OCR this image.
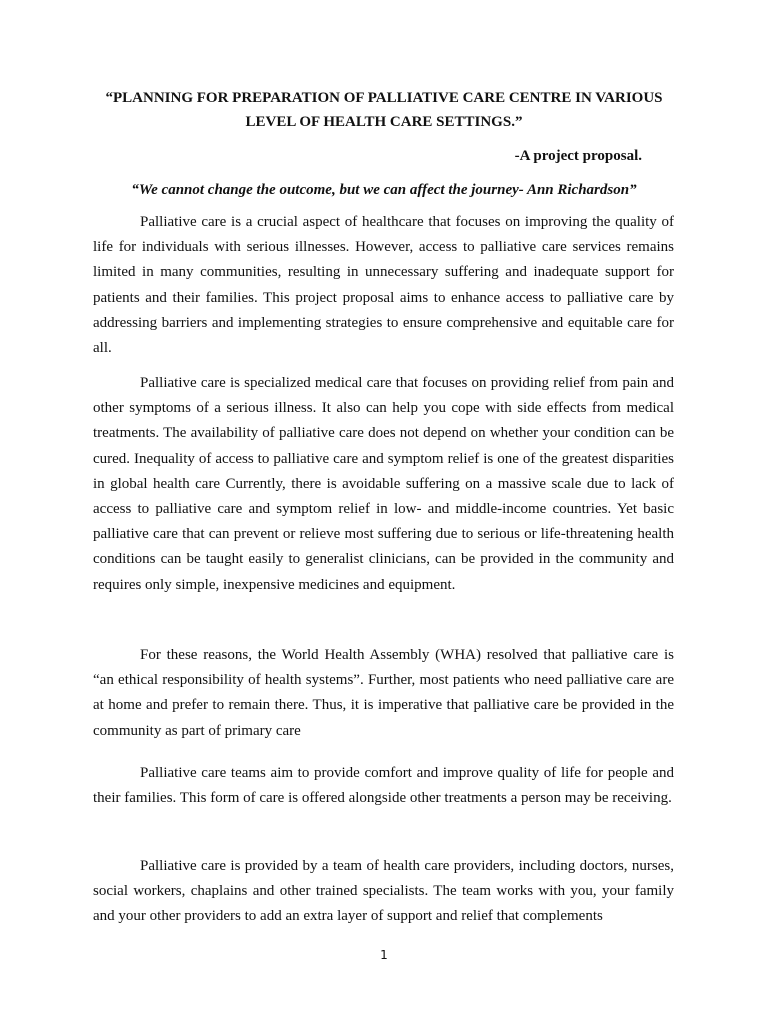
“PLANNING FOR PREPARATION OF PALLIATIVE CARE CENTRE IN VARIOUS LEVEL OF HEALTH CARE SETTINGS.”

-A project proposal.

“We cannot change the outcome, but we can affect the journey- Ann Richardson”

Palliative care is a crucial aspect of healthcare that focuses on improving the quality of life for individuals with serious illnesses. However, access to palliative care services remains limited in many communities, resulting in unnecessary suffering and inadequate support for patients and their families. This project proposal aims to enhance access to palliative care by addressing barriers and implementing strategies to ensure comprehensive and equitable care for all.

Palliative care is specialized medical care that focuses on providing relief from pain and other symptoms of a serious illness. It also can help you cope with side effects from medical treatments. The availability of palliative care does not depend on whether your condition can be cured. Inequality of access to palliative care and symptom relief is one of the greatest disparities in global health care Currently, there is avoidable suffering on a massive scale due to lack of access to palliative care and symptom relief in low- and middle-income countries. Yet basic palliative care that can prevent or relieve most suffering due to serious or life-threatening health conditions can be taught easily to generalist clinicians, can be provided in the community and requires only simple, inexpensive medicines and equipment.

For these reasons, the World Health Assembly (WHA) resolved that palliative care is “an ethical responsibility of health systems”. Further, most patients who need palliative care are at home and prefer to remain there. Thus, it is imperative that palliative care be provided in the community as part of primary care

Palliative care teams aim to provide comfort and improve quality of life for people and their families. This form of care is offered alongside other treatments a person may be receiving.

Palliative care is provided by a team of health care providers, including doctors, nurses, social workers, chaplains and other trained specialists. The team works with you, your family and your other providers to add an extra layer of support and relief that complements

1
